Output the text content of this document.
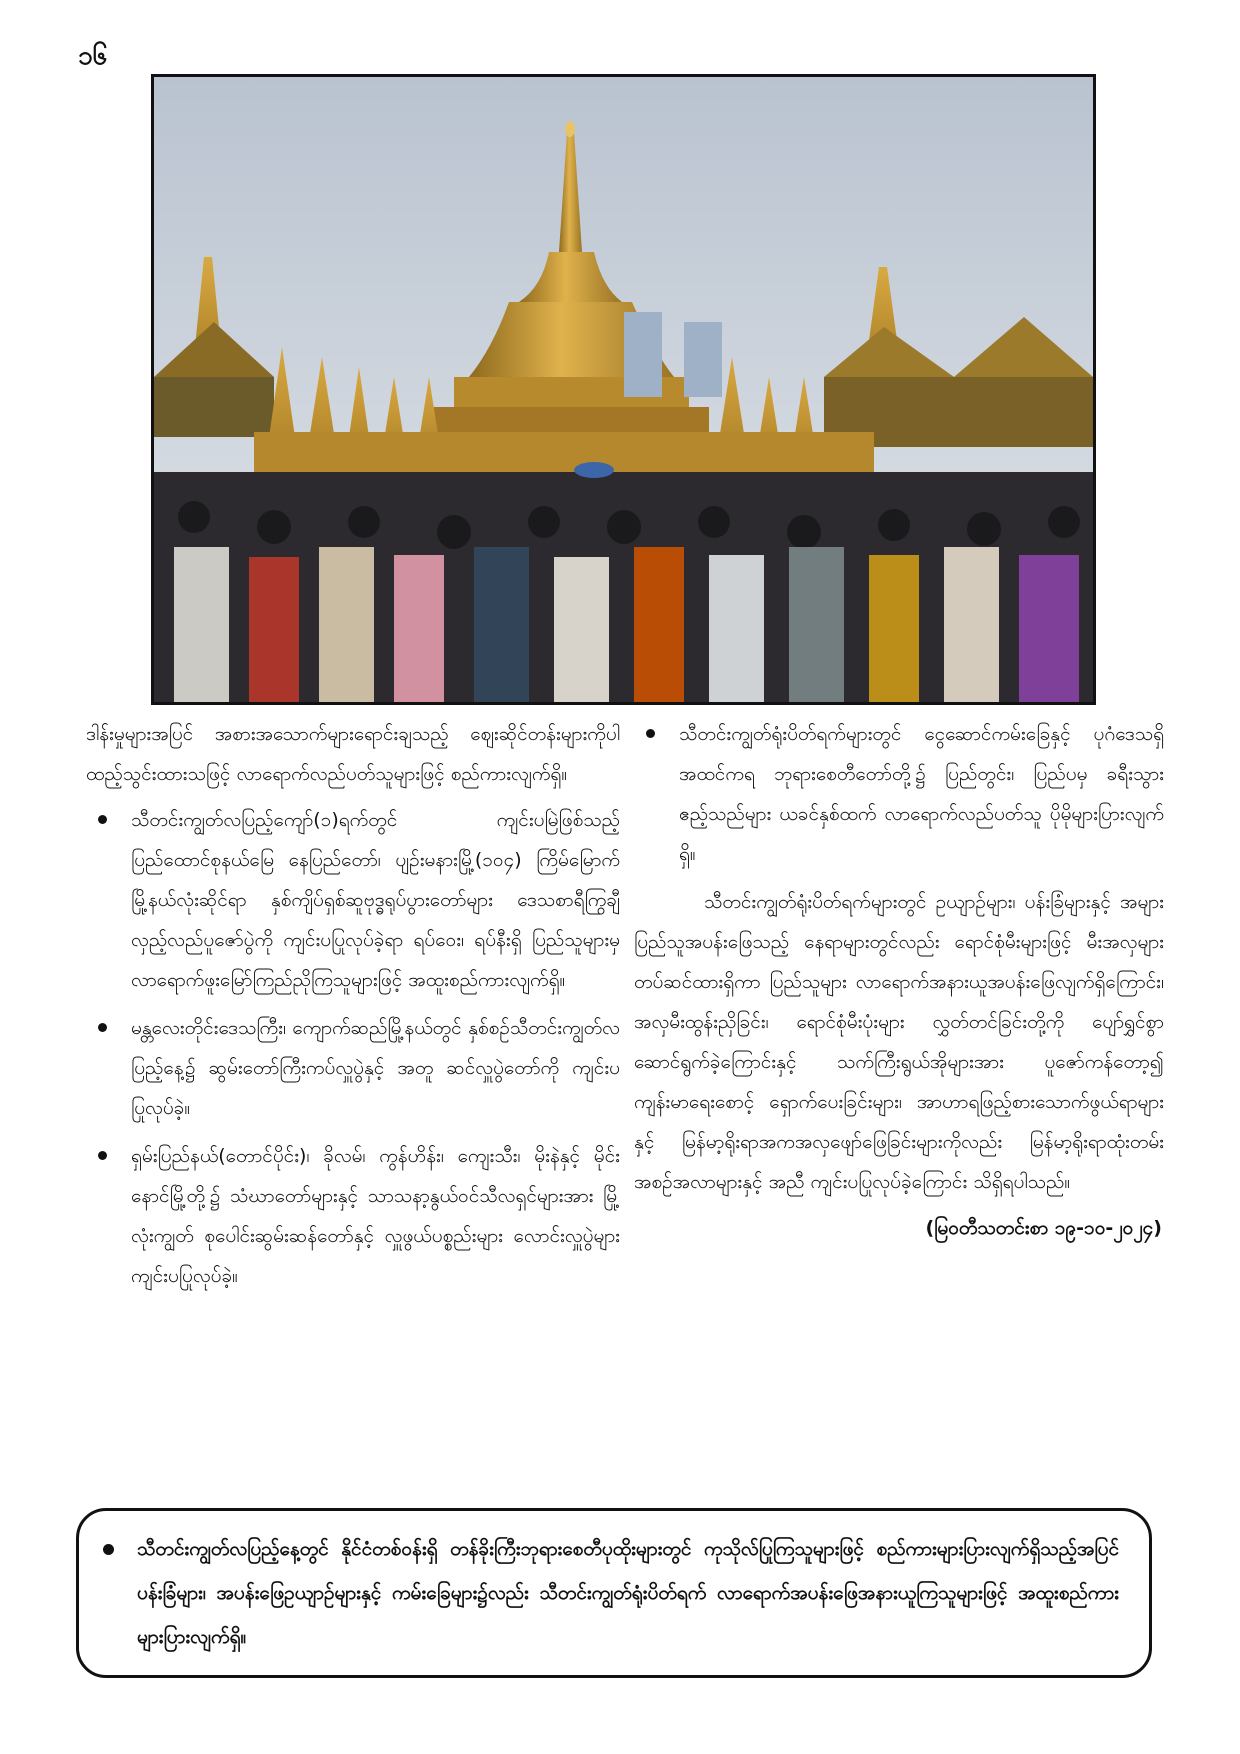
၁၆

ဒါန်းမှုများအပြင် အစားအသောက်များရောင်းချသည့် ဈေးဆိုင်တန်းများကိုပါ ထည့်သွင်းထားသဖြင့် လာရောက်လည်ပတ်သူများဖြင့် စည်ကားလျက်ရှိ။

သီတင်းကျွတ်လပြည့်ကျော်(၁)ရက်တွင် ကျင်းပမြဲဖြစ်သည့် ပြည်ထောင်စုနယ်မြေ နေပြည်တော်၊ ပျဉ်းမနားမြို့(၁၀၄) ကြိမ်မြောက်မြို့နယ်လုံးဆိုင်ရာ နှစ်ကျိပ်ရှစ်ဆူဗုဒ္ဓရုပ်ပွားတော်များ ဒေသစာရီကြွချီလှည့်လည်ပူဇော်ပွဲကို ကျင်းပပြုလုပ်ခဲ့ရာ ရပ်ဝေး၊ ရပ်နီးရှိ ပြည်သူများမှ လာရောက်ဖူးမြော်ကြည်ညိုကြသူများဖြင့် အထူးစည်ကားလျက်ရှိ။
မန္တလေးတိုင်းဒေသကြီး၊ ကျောက်ဆည်မြို့နယ်တွင် နှစ်စဉ်သီတင်းကျွတ်လပြည့်နေ့၌ ဆွမ်းတော်ကြီးကပ်လှူပွဲနှင့် အတူ ဆင်လှူပွဲတော်ကို ကျင်းပပြုလုပ်ခဲ့။
ရှမ်းပြည်နယ်(တောင်ပိုင်း)၊ ခိုလမ်၊ ကွန်ဟိန်း၊ ကျေးသီး၊ မိုးနဲနှင့် မိုင်းနောင်မြို့တို့၌ သံဃာတော်များနှင့် သာသနာ့နွယ်ဝင်သီလရှင်များအား မြို့လုံးကျွတ် စုပေါင်းဆွမ်းဆန်တော်နှင့် လှူဖွယ်ပစ္စည်းများ လောင်းလှူပွဲများ ကျင်းပပြုလုပ်ခဲ့။
သီတင်းကျွတ်ရုံးပိတ်ရက်များတွင် ငွေဆောင်ကမ်းခြေနှင့် ပုဂံဒေသရှိ အထင်ကရ ဘုရားစေတီတော်တို့၌ ပြည်တွင်း၊ ပြည်ပမှ ခရီးသွားဧည့်သည်များ ယခင်နှစ်ထက် လာရောက်လည်ပတ်သူ ပိုမိုများပြားလျက်ရှိ။

သီတင်းကျွတ်ရုံးပိတ်ရက်များတွင် ဥယျာဉ်များ၊ ပန်းခြံများနှင့် အများပြည်သူအပန်းဖြေသည့် နေရာများတွင်လည်း ရောင်စုံမီးများဖြင့် မီးအလှများ တပ်ဆင်ထားရှိကာ ပြည်သူများ လာရောက်အနားယူအပန်းဖြေလျက်ရှိကြောင်း၊ အလှမီးထွန်းညှိခြင်း၊ ရောင်စုံမီးပုံးများ လွှတ်တင်ခြင်းတို့ကို ပျော်ရွှင်စွာဆောင်ရွက်ခဲ့ကြောင်းနှင့် သက်ကြီးရွယ်အိုများအား ပူဇော်ကန်တော့၍ ကျန်းမာရေးစောင့် ရှောက်ပေးခြင်းများ၊ အာဟာရဖြည့်စားသောက်ဖွယ်ရာများနှင့် မြန်မာ့ရိုးရာအကအလှဖျော်ဖြေခြင်းများကိုလည်း မြန်မာ့ရိုးရာထုံးတမ်းအစဉ်အလာများနှင့် အညီ ကျင်းပပြုလုပ်ခဲ့ကြောင်း သိရှိရပါသည်။

(မြဝတီသတင်းစာ ၁၉-၁၀-၂၀၂၄)
သီတင်းကျွတ်လပြည့်နေ့တွင် နိုင်ငံတစ်ဝန်းရှိ တန်ခိုးကြီးဘုရားစေတီပုထိုးများတွင် ကုသိုလ်ပြုကြသူများဖြင့် စည်ကားများပြားလျက်ရှိသည့်အပြင် ပန်းခြံများ၊ အပန်းဖြေဥယျာဉ်များနှင့် ကမ်းခြေများ၌လည်း သီတင်းကျွတ်ရုံးပိတ်ရက် လာရောက်အပန်းဖြေအနားယူကြသူများဖြင့် အထူးစည်ကားများပြားလျက်ရှိ။
